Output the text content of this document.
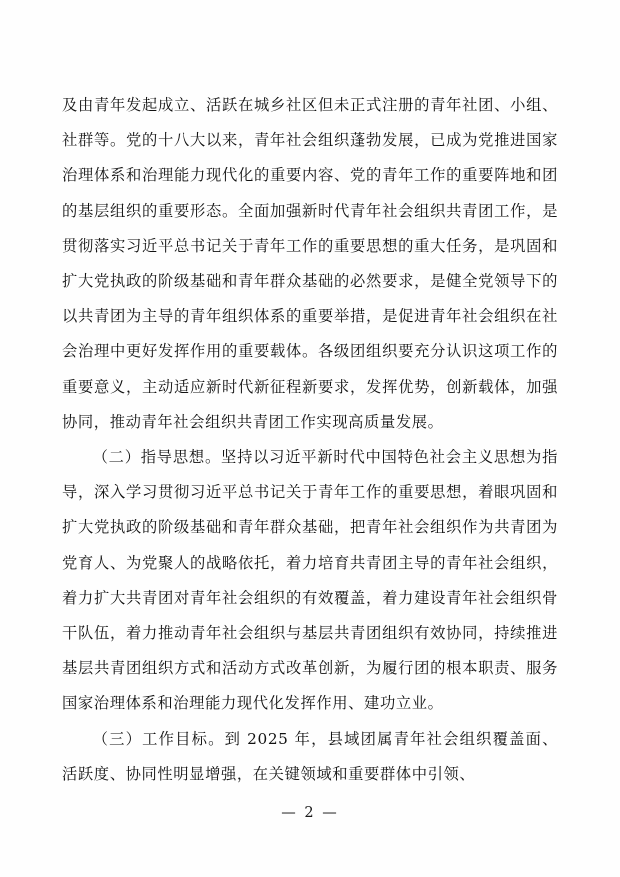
及由青年发起成立、活跃在城乡社区但未正式注册的青年社团、小组、社群等。党的十八大以来，青年社会组织蓬勃发展，已成为党推进国家治理体系和治理能力现代化的重要内容、党的青年工作的重要阵地和团的基层组织的重要形态。全面加强新时代青年社会组织共青团工作，是贯彻落实习近平总书记关于青年工作的重要思想的重大任务，是巩固和扩大党执政的阶级基础和青年群众基础的必然要求，是健全党领导下的以共青团为主导的青年组织体系的重要举措，是促进青年社会组织在社会治理中更好发挥作用的重要载体。各级团组织要充分认识这项工作的重要意义，主动适应新时代新征程新要求，发挥优势，创新载体，加强协同，推动青年社会组织共青团工作实现高质量发展。

（二）指导思想。坚持以习近平新时代中国特色社会主义思想为指导，深入学习贯彻习近平总书记关于青年工作的重要思想，着眼巩固和扩大党执政的阶级基础和青年群众基础，把青年社会组织作为共青团为党育人、为党聚人的战略依托，着力培育共青团主导的青年社会组织，着力扩大共青团对青年社会组织的有效覆盖，着力建设青年社会组织骨干队伍，着力推动青年社会组织与基层共青团组织有效协同，持续推进基层共青团组织方式和活动方式改革创新，为履行团的根本职责、服务国家治理体系和治理能力现代化发挥作用、建功立业。

（三）工作目标。到 2025 年，县域团属青年社会组织覆盖面、活跃度、协同性明显增强，在关键领域和重要群体中引领、

— 2 —
